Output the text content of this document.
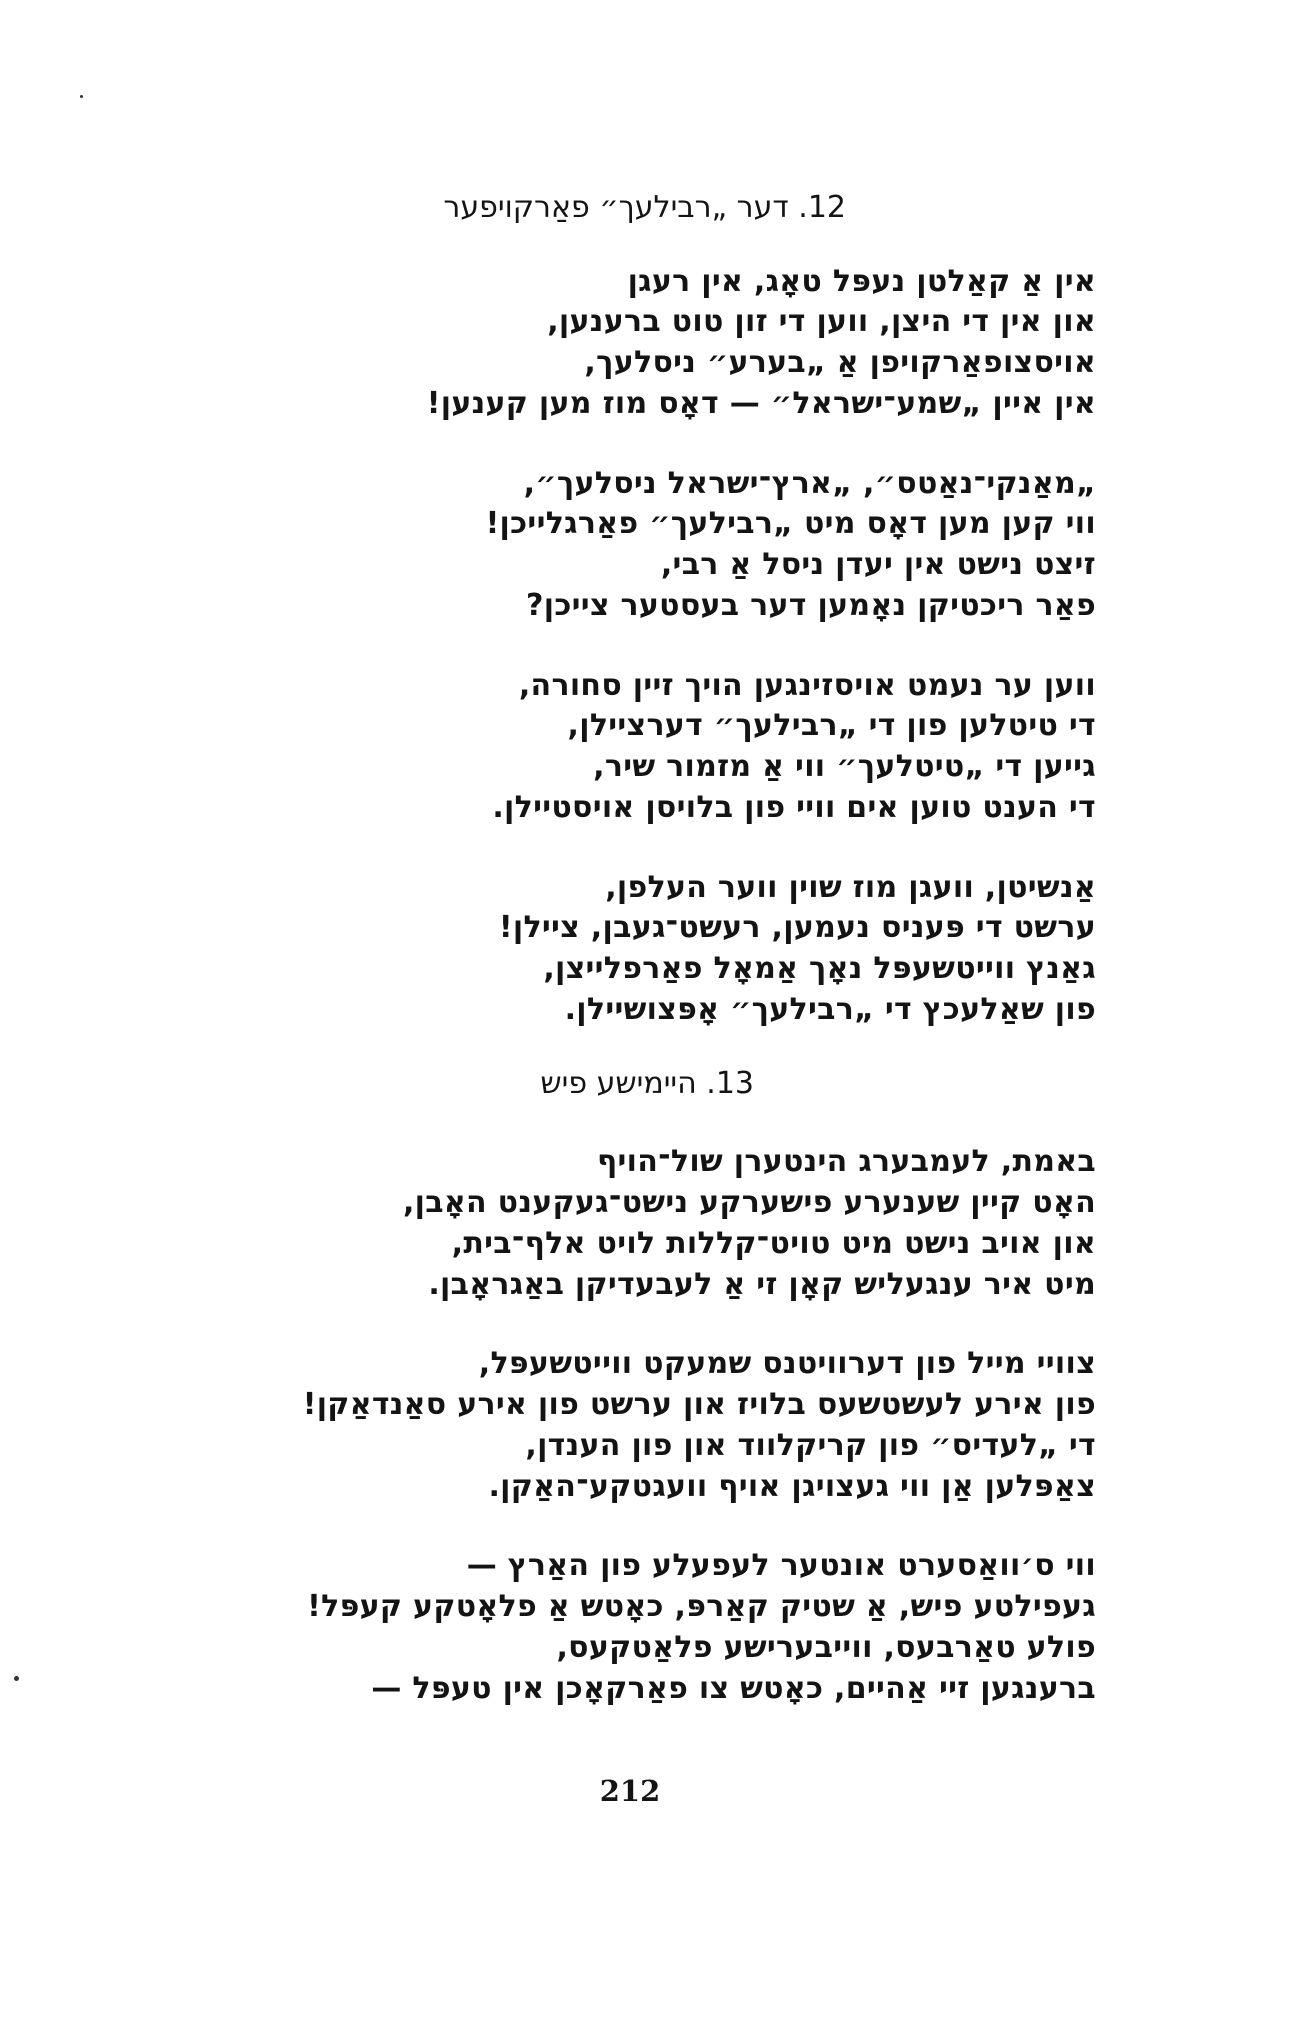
12. דער „רבילעך״ פאַרקויפער
אין אַ קאַלטן נעפּל טאָג, אין רעגן
און אין די היצן, ווען די זון טוט ברענען,
אויסצופאַרקויפן אַ „בערע״ ניסלעך,
אין איין „שמע־ישראל״ — דאָס מוז מען קענען!
„מאַנקי־נאַטס״, „ארץ־ישראל ניסלעך״,
ווי קען מען דאָס מיט „רבילעך״ פאַרגלייכן!
זיצט נישט אין יעדן ניסל אַ רבי,
פאַר ריכטיקן נאָמען דער בעסטער צייכן?
ווען ער נעמט אויסזינגען הויך זיין סחורה,
די טיטלען פון די „רבילעך״ דערציילן,
גייען די „טיטלעך״ ווי אַ מזמור שיר,
די הענט טוען אים וויי פון בלויסן אויסטיילן.
אַנשיטן, וועגן מוז שוין ווער העלפן,
ערשט די פּעניס נעמען, רעשט־געבן, ציילן!
גאַנץ ווייטשעפּל נאָך אַמאָל פאַרפלייצן,
פון שאַלעכץ די „רבילעך״ אָפּצושיילן.
13. היימישע פיש
באמת, לעמבערג הינטערן שול־הויף
האָט קיין שענערע פישערקע נישט־געקענט האָבן,
און אויב נישט מיט טויט־קללות לויט אלף־בית,
מיט איר ענגעליש קאָן זי אַ לעבעדיקן באַגראָבן.
צוויי מייל פון דערוויטנס שמעקט ווייטשעפּל,
פון אירע לעשטשעס בלויז און ערשט פון אירע סאַנדאַקן!
די „לעדיס״ פון קריקלווד און פון הענדן,
צאַפּלען אַן ווי געצויגן אויף וועגטקע־האַקן.
ווי ס׳וואַסערט אונטער לעפעלע פון האַרץ —
געפילטע פיש, אַ שטיק קאַרפּ, כאָטש אַ פלאָטקע קעפּל!
פולע טאַרבעס, ווייבערישע פלאַטקעס,
ברענגען זיי אַהיים, כאָטש צו פאַרקאָכן אין טעפּל —
212
